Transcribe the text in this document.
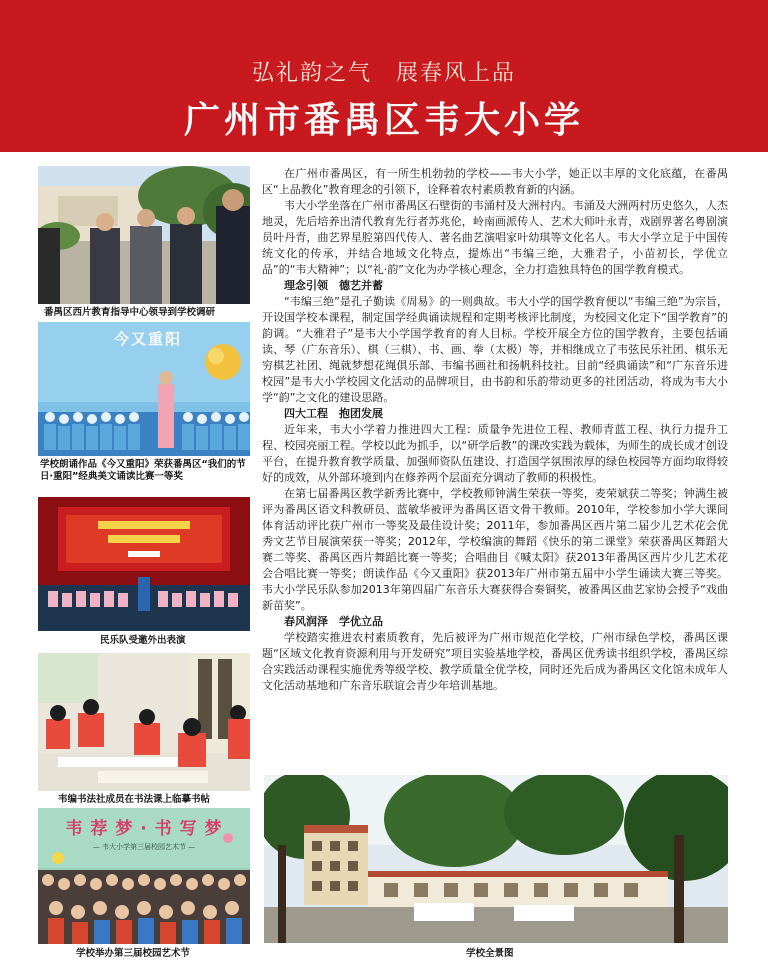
弘礼韵之气　展春风上品
广州市番禺区韦大小学
番禺区西片教育指导中心领导到学校调研
今又重阳
学校朗诵作品《今又重阳》荣获番禺区“我们的节日·重阳”经典美文诵读比赛一等奖
民乐队受邀外出表演
韦编书法社成员在书法课上临摹书帖
韦 荐 梦 · 书 写 梦
— 韦大小学第三届校园艺术节 —
学校举办第三届校园艺术节

在广州市番禺区，有一所生机勃勃的学校——韦大小学，她正以丰厚的文化底蕴，在番禺区“上品教化”教育理念的引领下，诠释着农村素质教育新的内涵。

韦大小学坐落在广州市番禺区石壁街的韦涌村及大洲村内。韦涌及大洲两村历史悠久，人杰地灵，先后培养出清代教育先行者苏兆伦，岭南画派传人、艺术大师叶永青，戏剧界著名粤剧演员叶丹青，曲艺界星腔第四代传人、著名曲艺演唱家叶幼琪等文化名人。韦大小学立足于中国传统文化的传承，并结合地域文化特点，提炼出“韦编三绝，大雅君子，小苗初长，学优立品”的“韦大精神”；以“礼·韵”文化为办学核心理念，全力打造独具特色的国学教育模式。

理念引领　德艺并蓄

“韦编三绝”是孔子勤读《周易》的一则典故。韦大小学的国学教育便以“韦编三绝”为宗旨，开设国学校本课程，制定国学经典诵读规程和定期考核评比制度，为校园文化定下“国学教育”的韵调。“大雅君子”是韦大小学国学教育的育人目标。学校开展全方位的国学教育，主要包括诵读、琴（广东音乐）、棋（三棋）、书、画、拳（太极）等，并相继成立了韦弦民乐社团、棋乐无穷棋艺社团、绳就梦想花绳俱乐部、韦编书画社和扬帆科技社。目前“经典诵读”和“广东音乐进校园”是韦大小学校园文化活动的品牌项目，由书韵和乐韵带动更多的社团活动，将成为韦大小学“韵”之文化的建设思路。

四大工程　抱团发展

近年来，韦大小学着力推进四大工程：质量争先进位工程、教师青蓝工程、执行力提升工程、校园亮丽工程。学校以此为抓手，以“研学后教”的课改实践为载体，为师生的成长成才创设平台，在提升教育教学质量、加强师资队伍建设、打造国学氛围浓厚的绿色校园等方面均取得较好的成效，从外部环境到内在修养两个层面充分调动了教师的积极性。

在第七届番禺区教学新秀比赛中，学校教师钟满生荣获一等奖，麦荣斌获二等奖；钟满生被评为番禺区语文科教研员、蓝敏华被评为番禺区语文骨干教师。2010年，学校参加小学大课间体育活动评比获广州市一等奖及最佳设计奖；2011年，参加番禺区西片第二届少儿艺术花会优秀文艺节目展演荣获一等奖；2012年，学校编演的舞蹈《快乐的第二课堂》荣获番禺区舞蹈大赛二等奖、番禺区西片舞蹈比赛一等奖；合唱曲目《喊太阳》获2013年番禺区西片少儿艺术花会合唱比赛一等奖；朗读作品《今又重阳》获2013年广州市第五届中小学生诵读大赛三等奖。韦大小学民乐队参加2013年第四届广东音乐大赛获得合奏铜奖，被番禺区曲艺家协会授予“戏曲新苗奖”。

春风润泽　学优立品

学校踏实推进农村素质教育，先后被评为广州市规范化学校，广州市绿色学校，番禺区课题“区域文化教育资源利用与开发研究”项目实验基地学校，番禺区优秀读书组织学校，番禺区综合实践活动课程实施优秀等级学校、教学质量全优学校，同时还先后成为番禺区文化馆未成年人文化活动基地和广东音乐联谊会青少年培训基地。

学校全景图
